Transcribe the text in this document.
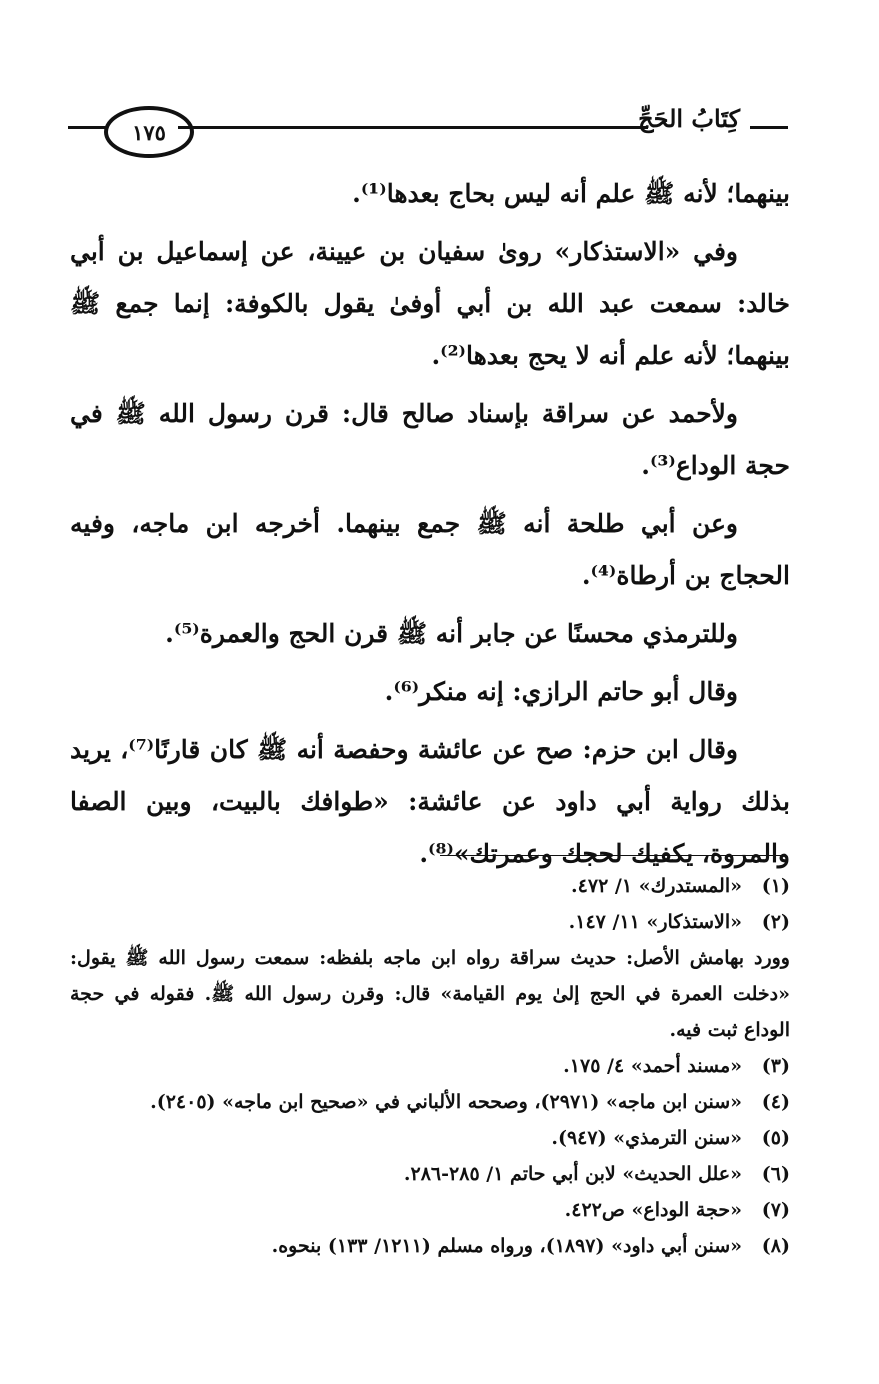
١٧٥	كِتَابُ الحَجِّ

بينهما؛ لأنه ﷺ علم أنه ليس بحاج بعدها⁽¹⁾.

وفي «الاستذكار» رویٰ سفيان بن عيينة، عن إسماعيل بن أبي خالد: سمعت عبد الله بن أبي أوفىٰ يقول بالكوفة: إنما جمع ﷺ بينهما؛ لأنه علم أنه لا يحج بعدها⁽²⁾.

ولأحمد عن سراقة بإسناد صالح قال: قرن رسول الله ﷺ في حجة الوداع⁽³⁾.

وعن أبي طلحة أنه ﷺ جمع بينهما. أخرجه ابن ماجه، وفيه الحجاج بن أرطاة⁽⁴⁾.

وللترمذي محسنًا عن جابر أنه ﷺ قرن الحج والعمرة⁽⁵⁾.

وقال أبو حاتم الرازي: إنه منكر⁽⁶⁾.

وقال ابن حزم: صح عن عائشة وحفصة أنه ﷺ كان قارنًا⁽⁷⁾، يريد بذلك رواية أبي داود عن عائشة: «طوافك بالبيت، وبين الصفا والمروة، يكفيك لحجك وعمرتك»⁽⁸⁾.

(١)
«المستدرك» ١/ ٤٧٢.
(٢)
«الاستذكار» ١١/ ١٤٧.
وورد بهامش الأصل: حديث سراقة رواه ابن ماجه بلفظه: سمعت رسول الله ﷺ يقول: «دخلت العمرة في الحج إلىٰ يوم القيامة» قال: وقرن رسول الله ﷺ. فقوله في حجة الوداع ثبت فيه.
(٣)
«مسند أحمد» ٤/ ١٧٥.
(٤)
«سنن ابن ماجه» (٢٩٧١)، وصححه الألباني في «صحيح ابن ماجه» (٢٤٠٥).
(٥)
«سنن الترمذي» (٩٤٧).
(٦)
«علل الحديث» لابن أبي حاتم ١/ ٢٨٥-٢٨٦.
(٧)
«حجة الوداع» ص٤٢٢.
(٨)
«سنن أبي داود» (١٨٩٧)، ورواه مسلم (١٢١١/ ١٣٣) بنحوه.
